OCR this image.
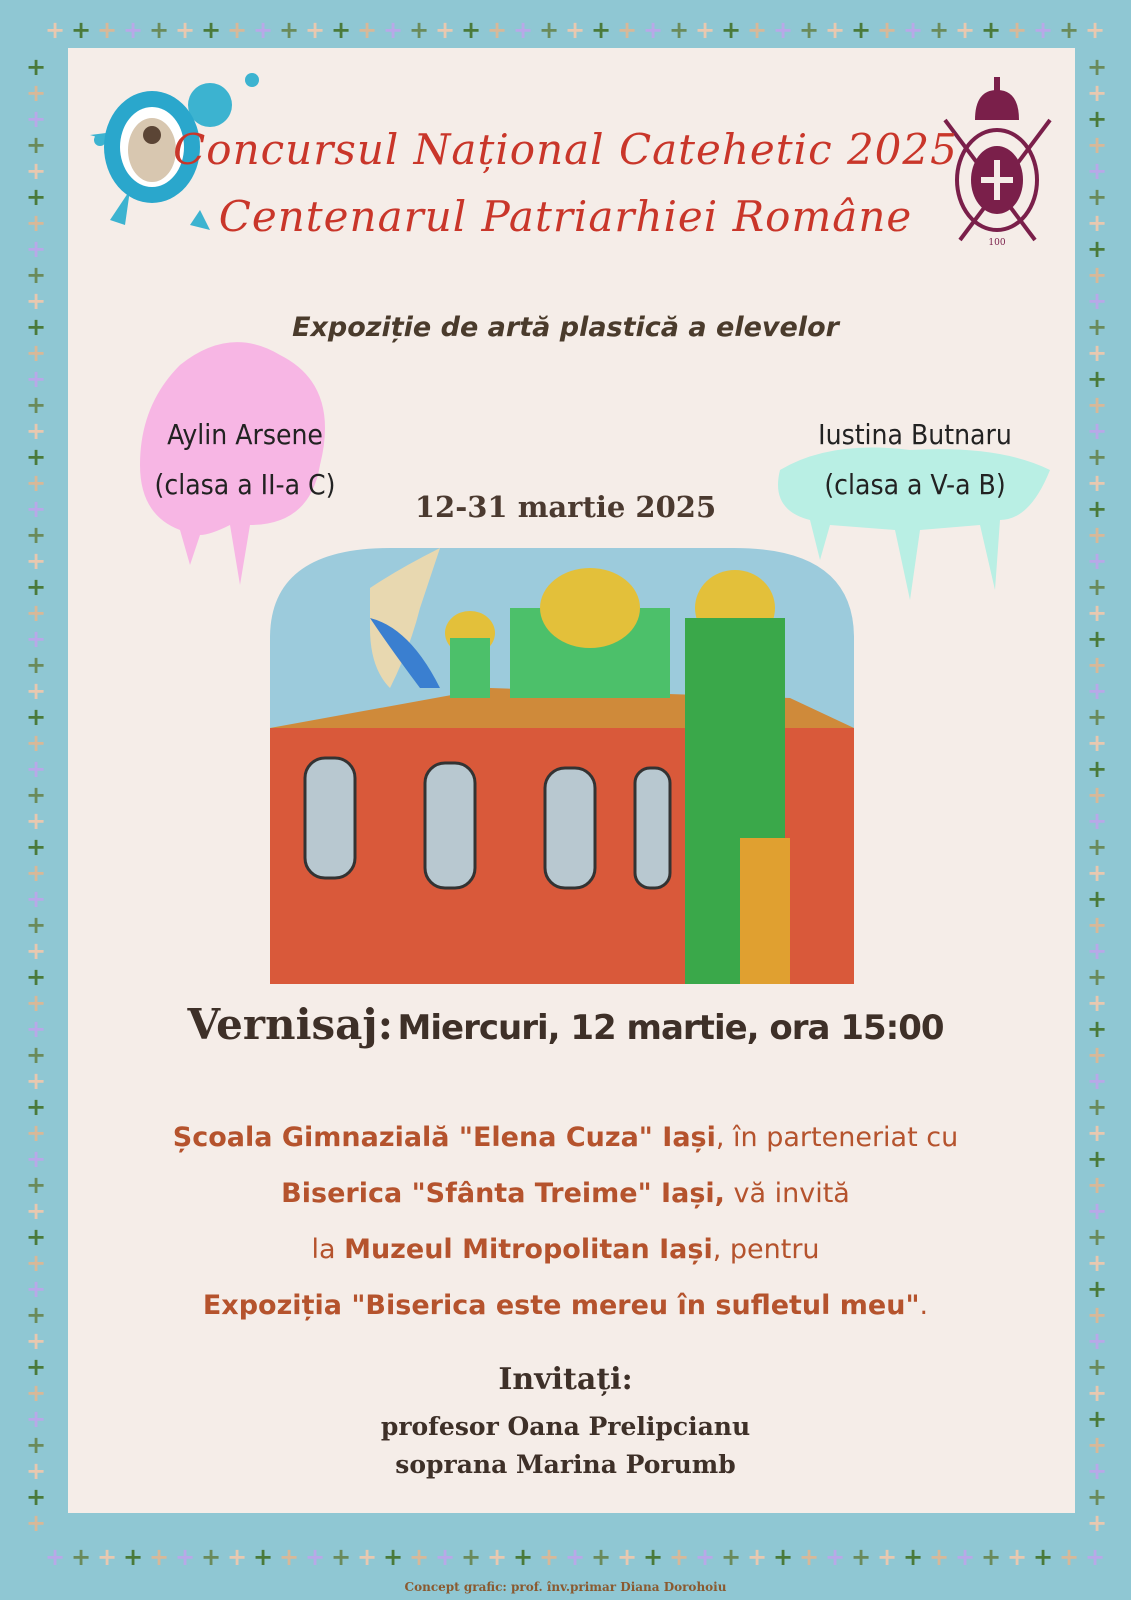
+
+
+
+
+
+
+
+
+
+
+
+
+
+
+
+
+
+
+
+
+
+
+
+
+
+
+
+
+
+
+
+
+
+
+
+
+
+
+
+
+
+
+
+
+
+
+
+
+
+
+
+
+
+
+
+
+
+
+
+
+
+
+
+
+
+
+
+
+
+
+
+
+
+
+
+
+
+
+
+
+
+
+	+
+	+
+	+
+	+
+	+
+	+
+	+
+	+
+	+
+	+
+	+
+	+
+	+
+	+
+	+
+	+
+	+
+	+
+	+
+	+
+	+
+	+
+	+
+	+
+	+
+	+
+	+
+	+
+	+
+	+
+	+
+	+
+	+
+	+
+	+
+	+
+	+
+	+
+	+
+	+
+	+
+	+
+	+
+	+
+	+
+	+
+	+
+	+
+	+
+	+
+	+
+	+
+	+
+	+
+	+
+	+
+	+
100
Concursul Național Catehetic 2025
Centenarul Patriarhiei Române
Expoziție de artă plastică a elevelor
Aylin Arsene
(clasa a II-a C)
Iustina Butnaru
(clasa a V-a B)
12-31 martie 2025
Vernisaj: Miercuri, 12 martie, ora 15:00
Școala Gimnazială "Elena Cuza" Iași, în parteneriat cu
Biserica "Sfânta Treime" Iași, vă invită
la Muzeul Mitropolitan Iași, pentru
Expoziția "Biserica este mereu în sufletul meu".
Invitați:
profesor Oana Prelipcianu
soprana Marina Porumb
Concept grafic: prof. înv.primar Diana Dorohoiu
